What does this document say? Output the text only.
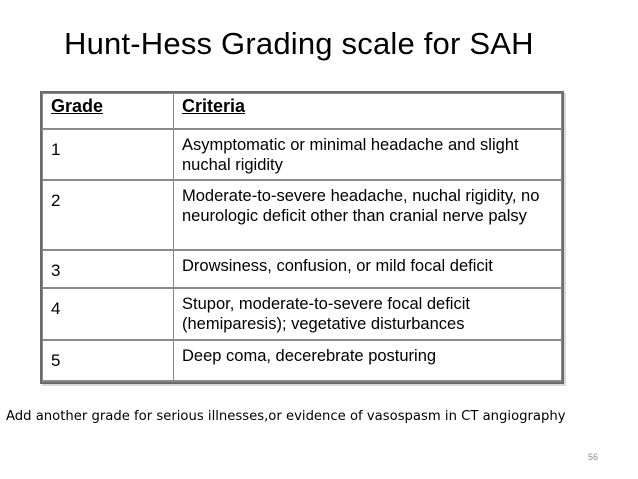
Hunt-Hess Grading scale for SAH
Grade	Criteria
1	Asymptomatic or minimal headache and slight nuchal rigidity
2	Moderate-to-severe headache, nuchal rigidity, no neurologic deficit other than cranial nerve palsy
3	Drowsiness, confusion, or mild focal deficit
4	Stupor, moderate-to-severe focal deficit (hemiparesis); vegetative disturbances
5	Deep coma, decerebrate posturing
Add another grade for serious illnesses,or evidence of vasospasm in CT angiography
56
